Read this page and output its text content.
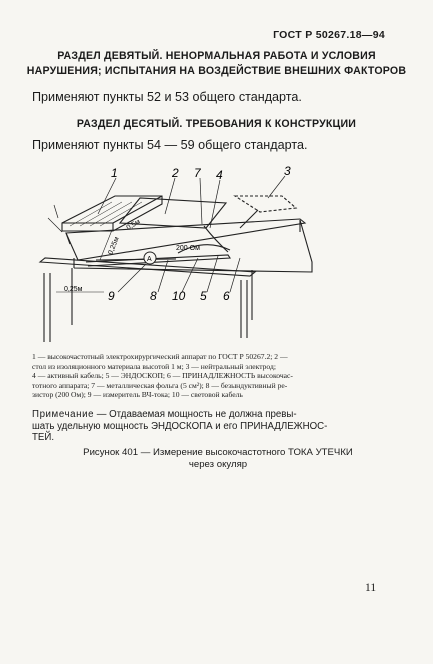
ГОСТ Р 50267.18—94
РАЗДЕЛ ДЕВЯТЫЙ. НЕНОРМАЛЬНАЯ РАБОТА И УСЛОВИЯ
НАРУШЕНИЯ; ИСПЫТАНИЯ НА ВОЗДЕЙСТВИЕ ВНЕШНИХ ФАКТОРОВ
Применяют пункты 52 и 53 общего стандарта.
РАЗДЕЛ ДЕСЯТЫЙ. ТРЕБОВАНИЯ К КОНСТРУКЦИИ
Применяют пункты 54 — 59 общего стандарта.
A
0,5м
0,25м	200 Ом
0,25м
1	2 7 4	3
9	8 10 5 6
1 — высокочастотный электрохирургический аппарат по ГОСТ Р 50267.2; 2 —
стол из изоляционного материала высотой 1 м; 3 — нейтральный электрод;
4 — активный кабель; 5 — ЭНДОСКОП; 6 — ПРИНАДЛЕЖНОСТЬ высокочас-
тотного аппарата; 7 — металлическая фольга (5 см²); 8 — безындуктивный ре-
зистор (200 Ом); 9 — измеритель ВЧ-тока; 10 — световой кабель
Примечание — Отдаваемая мощность не должна превы-
шать удельную мощность ЭНДОСКОПА и его ПРИНАДЛЕЖНОС-
ТЕЙ.
Рисунок 401 — Измерение высокочастотного ТОКА УТЕЧКИ
через окуляр
11
